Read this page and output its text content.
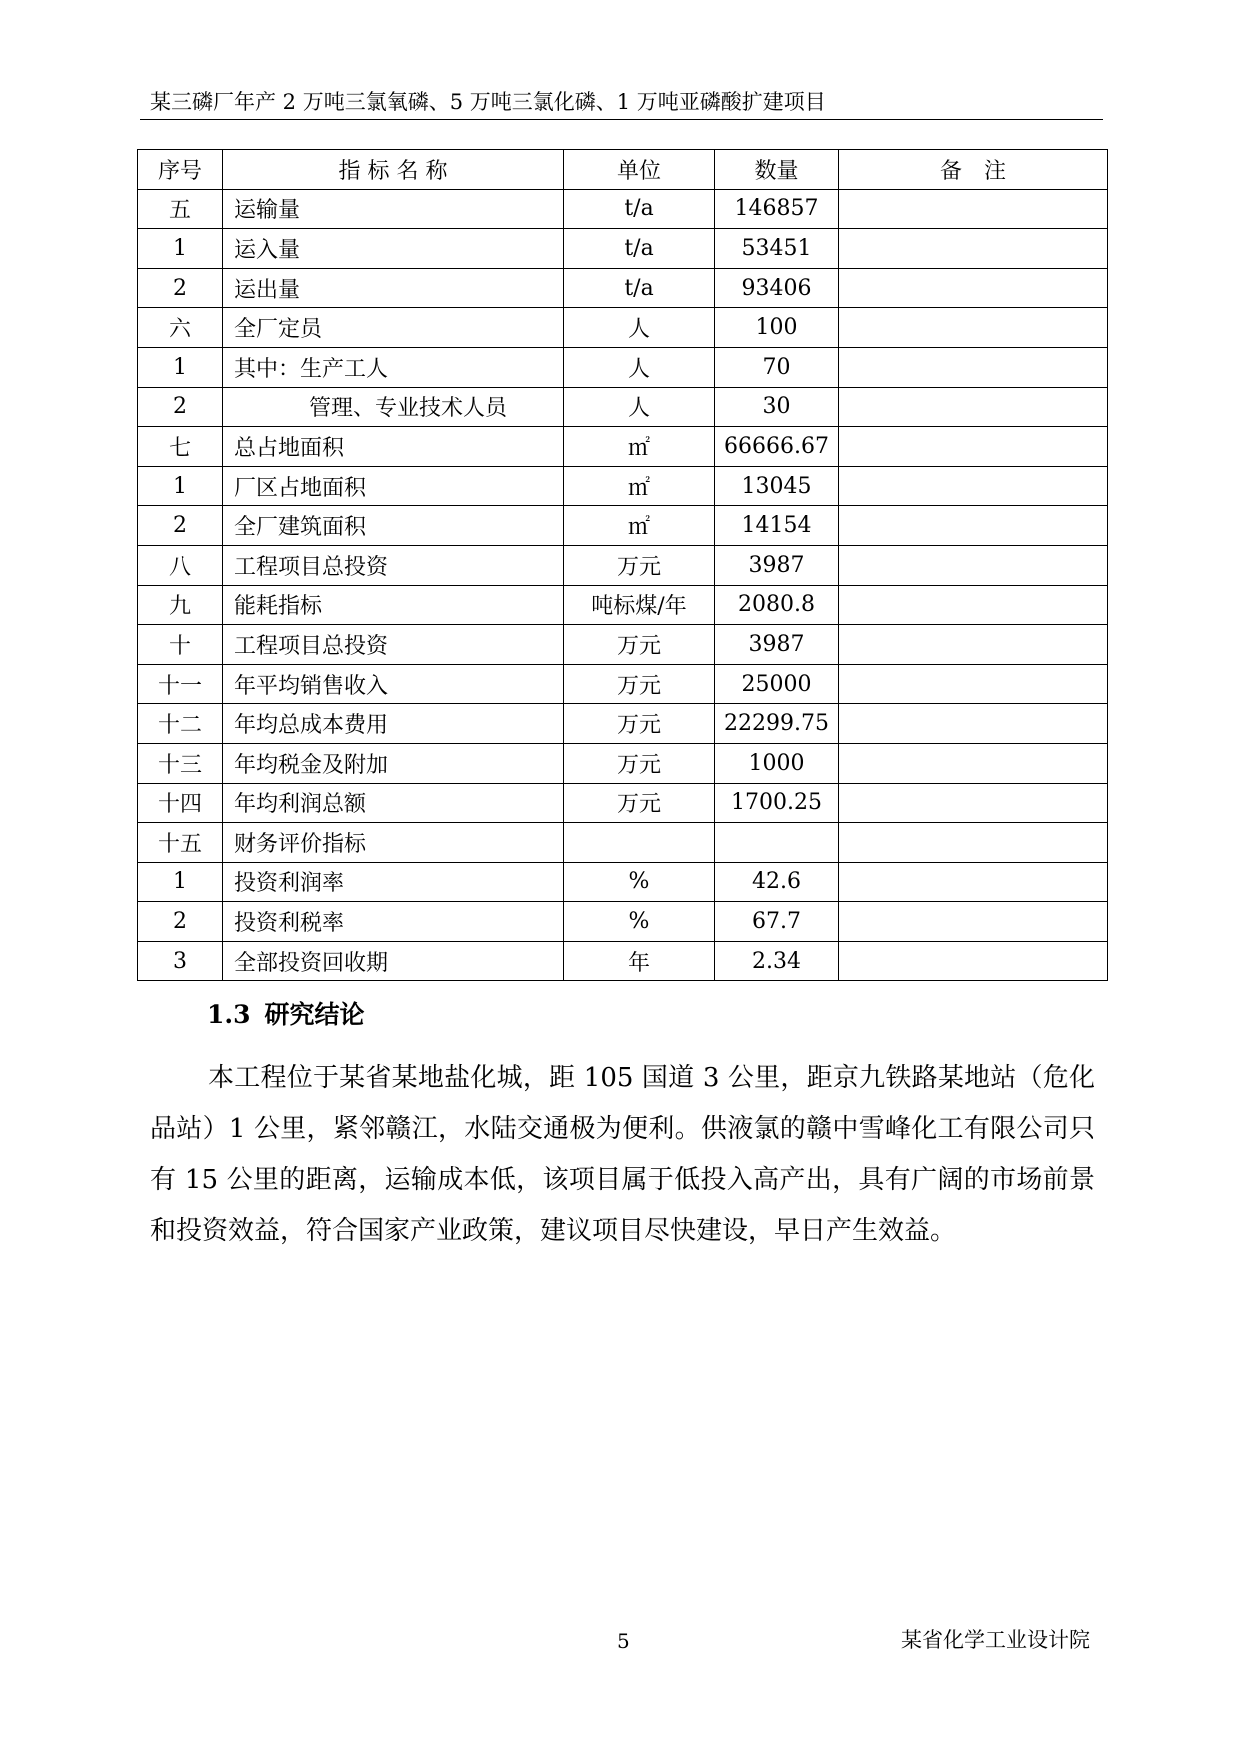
某三磷厂年产 2 万吨三氯氧磷、5 万吨三氯化磷、1 万吨亚磷酸扩建项目
序号	指 标 名 称	单位	数量	备　注
五	运输量	t/a	146857	
1	运入量	t/a	53451	
2	运出量	t/a	93406	
六	全厂定员	人	100	
1	其中：生产工人	人	70	
2	管理、专业技术人员	人	30	
七	总占地面积	㎡	66666.67	
1	厂区占地面积	㎡	13045	
2	全厂建筑面积	㎡	14154	
八	工程项目总投资	万元	3987	
九	能耗指标	吨标煤/年	2080.8	
十	工程项目总投资	万元	3987	
十一	年平均销售收入	万元	25000	
十二	年均总成本费用	万元	22299.75	
十三	年均税金及附加	万元	1000	
十四	年均利润总额	万元	1700.25	
十五	财务评价指标			
1	投资利润率	%	42.6	
2	投资利税率	%	67.7	
3	全部投资回收期	年	2.34	
1.3 研究结论

本工程位于某省某地盐化城，距 105 国道 3 公里，距京九铁路某地站（危化品站）1 公里，紧邻赣江，水陆交通极为便利。供液氯的赣中雪峰化工有限公司只有 15 公里的距离，运输成本低，该项目属于低投入高产出，具有广阔的市场前景和投资效益，符合国家产业政策，建议项目尽快建设，早日产生效益。

5	某省化学工业设计院
